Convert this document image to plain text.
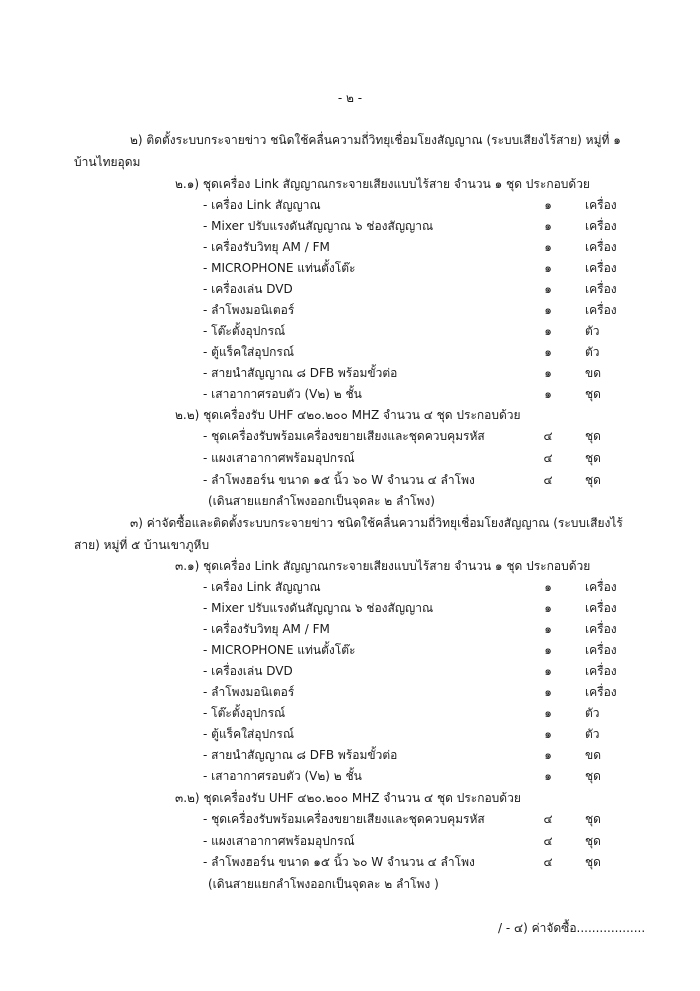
- ๒ -
๒) ติดตั้งระบบกระจายข่าว ชนิดใช้คลื่นความถี่วิทยุเชื่อมโยงสัญญาณ (ระบบเสียงไร้สาย) หมู่ที่ ๑
บ้านไทยอุดม
๒.๑) ชุดเครื่อง Link สัญญาณกระจายเสียงแบบไร้สาย จำนวน ๑ ชุด ประกอบด้วย
- เครื่อง Link สัญญาณ	๑	เครื่อง
- Mixer ปรับแรงดันสัญญาณ ๖ ช่องสัญญาณ	๑	เครื่อง
- เครื่องรับวิทยุ AM / FM	๑	เครื่อง
- MICROPHONE แท่นตั้งโต๊ะ	๑	เครื่อง
- เครื่องเล่น DVD	๑	เครื่อง
- ลำโพงมอนิเตอร์	๑	เครื่อง
- โต๊ะตั้งอุปกรณ์	๑	ตัว
- ตู้แร็คใส่อุปกรณ์	๑	ตัว
- สายนำสัญญาณ ๘ DFB พร้อมขั้วต่อ	๑	ขด
- เสาอากาศรอบตัว (V๒) ๒ ชั้น	๑	ชุด
๒.๒) ชุดเครื่องรับ UHF ๔๒๐.๒๐๐ MHZ จำนวน ๔ ชุด ประกอบด้วย
- ชุดเครื่องรับพร้อมเครื่องขยายเสียงและชุดควบคุมรหัส	๔	ชุด
- แผงเสาอากาศพร้อมอุปกรณ์	๔	ชุด
- ลำโพงฮอร์น ขนาด ๑๕ นิ้ว ๖๐ W จำนวน ๔ ลำโพง	๔	ชุด
(เดินสายแยกลำโพงออกเป็นจุดละ ๒ ลำโพง)
๓) ค่าจัดซื้อและติดตั้งระบบกระจายข่าว ชนิดใช้คลื่นความถี่วิทยุเชื่อมโยงสัญญาณ (ระบบเสียงไร้
สาย) หมู่ที่ ๕ บ้านเขาภูหีบ
๓.๑) ชุดเครื่อง Link สัญญาณกระจายเสียงแบบไร้สาย จำนวน ๑ ชุด ประกอบด้วย
- เครื่อง Link สัญญาณ	๑	เครื่อง
- Mixer ปรับแรงดันสัญญาณ ๖ ช่องสัญญาณ	๑	เครื่อง
- เครื่องรับวิทยุ AM / FM	๑	เครื่อง
- MICROPHONE แท่นตั้งโต๊ะ	๑	เครื่อง
- เครื่องเล่น DVD	๑	เครื่อง
- ลำโพงมอนิเตอร์	๑	เครื่อง
- โต๊ะตั้งอุปกรณ์	๑	ตัว
- ตู้แร็คใส่อุปกรณ์	๑	ตัว
- สายนำสัญญาณ ๘ DFB พร้อมขั้วต่อ	๑	ขด
- เสาอากาศรอบตัว (V๒) ๒ ชั้น	๑	ชุด
๓.๒) ชุดเครื่องรับ UHF ๔๒๐.๒๐๐ MHZ จำนวน ๔ ชุด ประกอบด้วย
- ชุดเครื่องรับพร้อมเครื่องขยายเสียงและชุดควบคุมรหัส	๔	ชุด
- แผงเสาอากาศพร้อมอุปกรณ์	๔	ชุด
- ลำโพงฮอร์น ขนาด ๑๕ นิ้ว ๖๐ W จำนวน ๔ ลำโพง	๔	ชุด
(เดินสายแยกลำโพงออกเป็นจุดละ ๒ ลำโพง )
/ - ๔) ค่าจัดซื้อ..................
